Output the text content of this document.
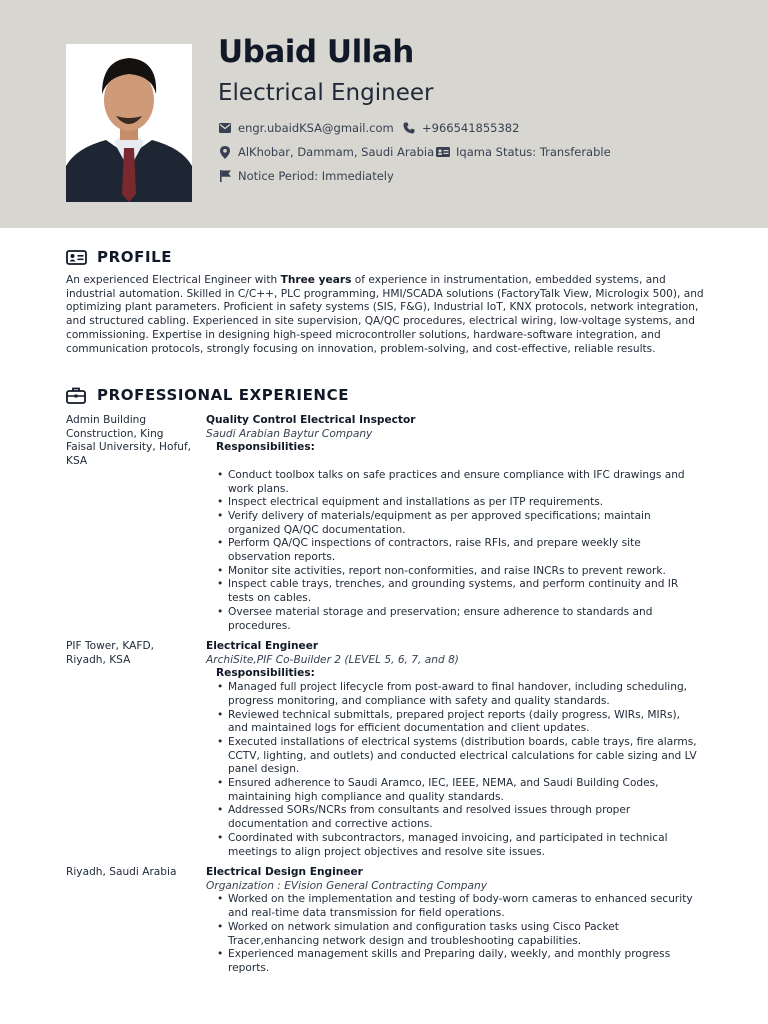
Ubaid Ullah
Electrical Engineer
engr.ubaidKSA@gmail.com +966541855382
AlKhobar, Dammam, Saudi Arabia Iqama Status: Transferable
Notice Period: Immediately
PROFILE
An experienced Electrical Engineer with Three years of experience in instrumentation, embedded systems, and industrial automation. Skilled in C/C++, PLC programming, HMI/SCADA solutions (FactoryTalk View, Micrologix 500), and optimizing plant parameters. Proficient in safety systems (SIS, F&G), Industrial IoT, KNX protocols, network integration, and structured cabling. Experienced in site supervision, QA/QC procedures, electrical wiring, low-voltage systems, and commissioning. Expertise in designing high-speed microcontroller solutions, hardware-software integration, and communication protocols, strongly focusing on innovation, problem-solving, and cost-effective, reliable results.
PROFESSIONAL EXPERIENCE
Admin Building Construction, King Faisal University, Hofuf, KSA
Quality Control Electrical Inspector
Saudi Arabian Baytur Company
Responsibilities:
• Conduct toolbox talks on safe practices and ensure compliance with IFC drawings and work plans.
• Inspect electrical equipment and installations as per ITP requirements.
• Verify delivery of materials/equipment as per approved specifications; maintain organized QA/QC documentation.
• Perform QA/QC inspections of contractors, raise RFIs, and prepare weekly site observation reports.
• Monitor site activities, report non-conformities, and raise INCRs to prevent rework.
• Inspect cable trays, trenches, and grounding systems, and perform continuity and IR tests on cables.
• Oversee material storage and preservation; ensure adherence to standards and procedures.
PIF Tower, KAFD, Riyadh, KSA
Electrical Engineer
ArchiSite,PIF Co-Builder 2 (LEVEL 5, 6, 7, and 8)
Responsibilities:
• Managed full project lifecycle from post-award to final handover, including scheduling, progress monitoring, and compliance with safety and quality standards.
• Reviewed technical submittals, prepared project reports (daily progress, WIRs, MIRs), and maintained logs for efficient documentation and client updates.
• Executed installations of electrical systems (distribution boards, cable trays, fire alarms, CCTV, lighting, and outlets) and conducted electrical calculations for cable sizing and LV panel design.
• Ensured adherence to Saudi Aramco, IEC, IEEE, NEMA, and Saudi Building Codes, maintaining high compliance and quality standards.
• Addressed SORs/NCRs from consultants and resolved issues through proper documentation and corrective actions.
• Coordinated with subcontractors, managed invoicing, and participated in technical meetings to align project objectives and resolve site issues.
Riyadh, Saudi Arabia	Electrical Design Engineer
Organization : EVision General Contracting Company
• Worked on the implementation and testing of body-worn cameras to enhanced security and real-time data transmission for field operations.
• Worked on network simulation and configuration tasks using Cisco Packet Tracer,enhancing network design and troubleshooting capabilities.
• Experienced management skills and Preparing daily, weekly, and monthly progress reports.
